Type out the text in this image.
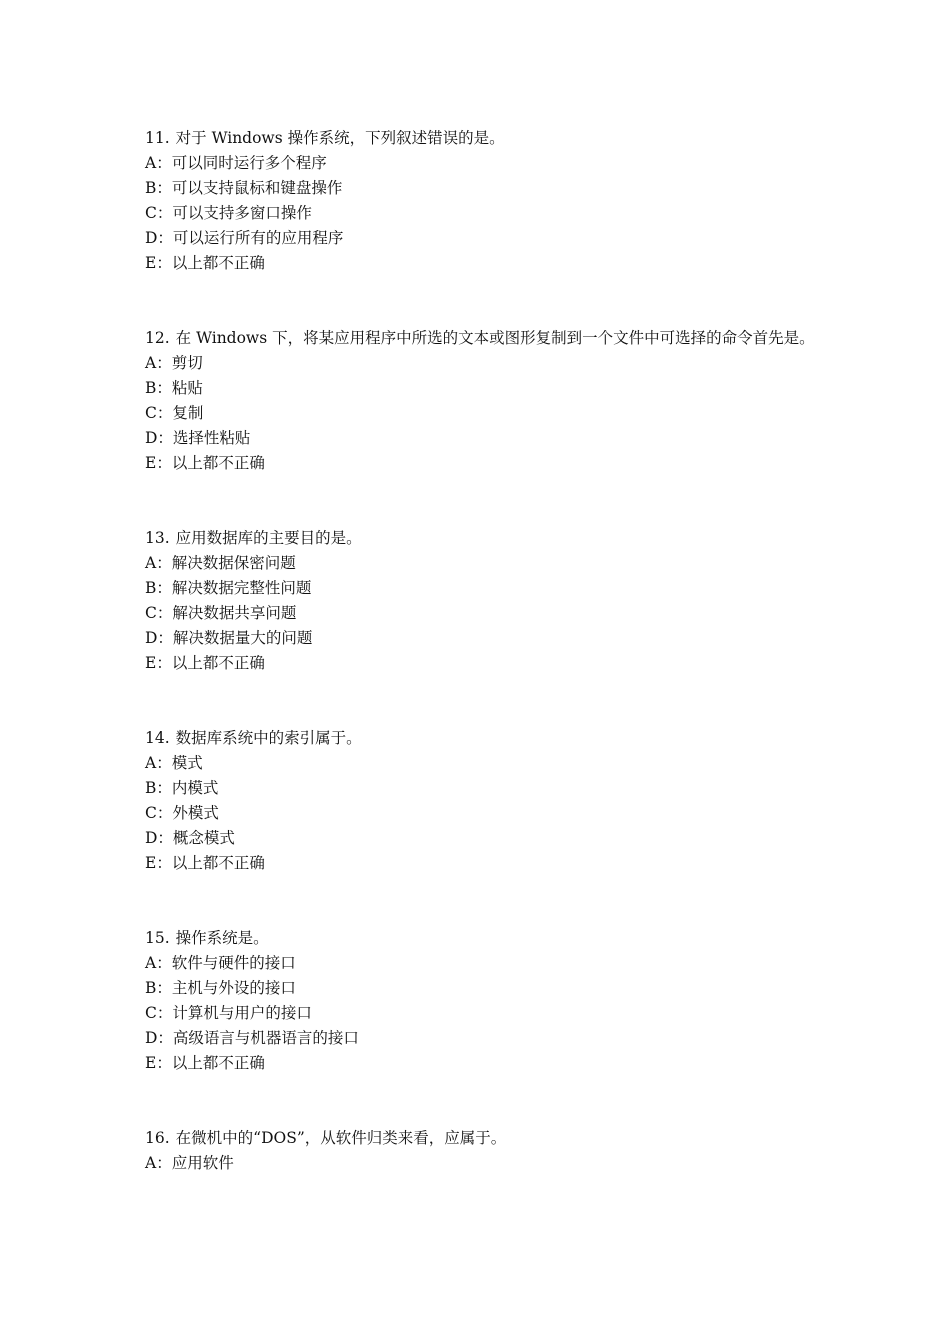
11. 对于 Windows 操作系统，下列叙述错误的是。

A：可以同时运行多个程序

B：可以支持鼠标和键盘操作

C：可以支持多窗口操作

D：可以运行所有的应用程序

E：以上都不正确

12. 在 Windows 下，将某应用程序中所选的文本或图形复制到一个文件中可选择的命令首先是。

A：剪切

B：粘贴

C：复制

D：选择性粘贴

E：以上都不正确

13. 应用数据库的主要目的是。

A：解决数据保密问题

B：解决数据完整性问题

C：解决数据共享问题

D：解决数据量大的问题

E：以上都不正确

14. 数据库系统中的索引属于。

A：模式

B：内模式

C：外模式

D：概念模式

E：以上都不正确

15. 操作系统是。

A：软件与硬件的接口

B：主机与外设的接口

C：计算机与用户的接口

D：高级语言与机器语言的接口

E：以上都不正确

16. 在微机中的“DOS”，从软件归类来看，应属于。

A：应用软件
